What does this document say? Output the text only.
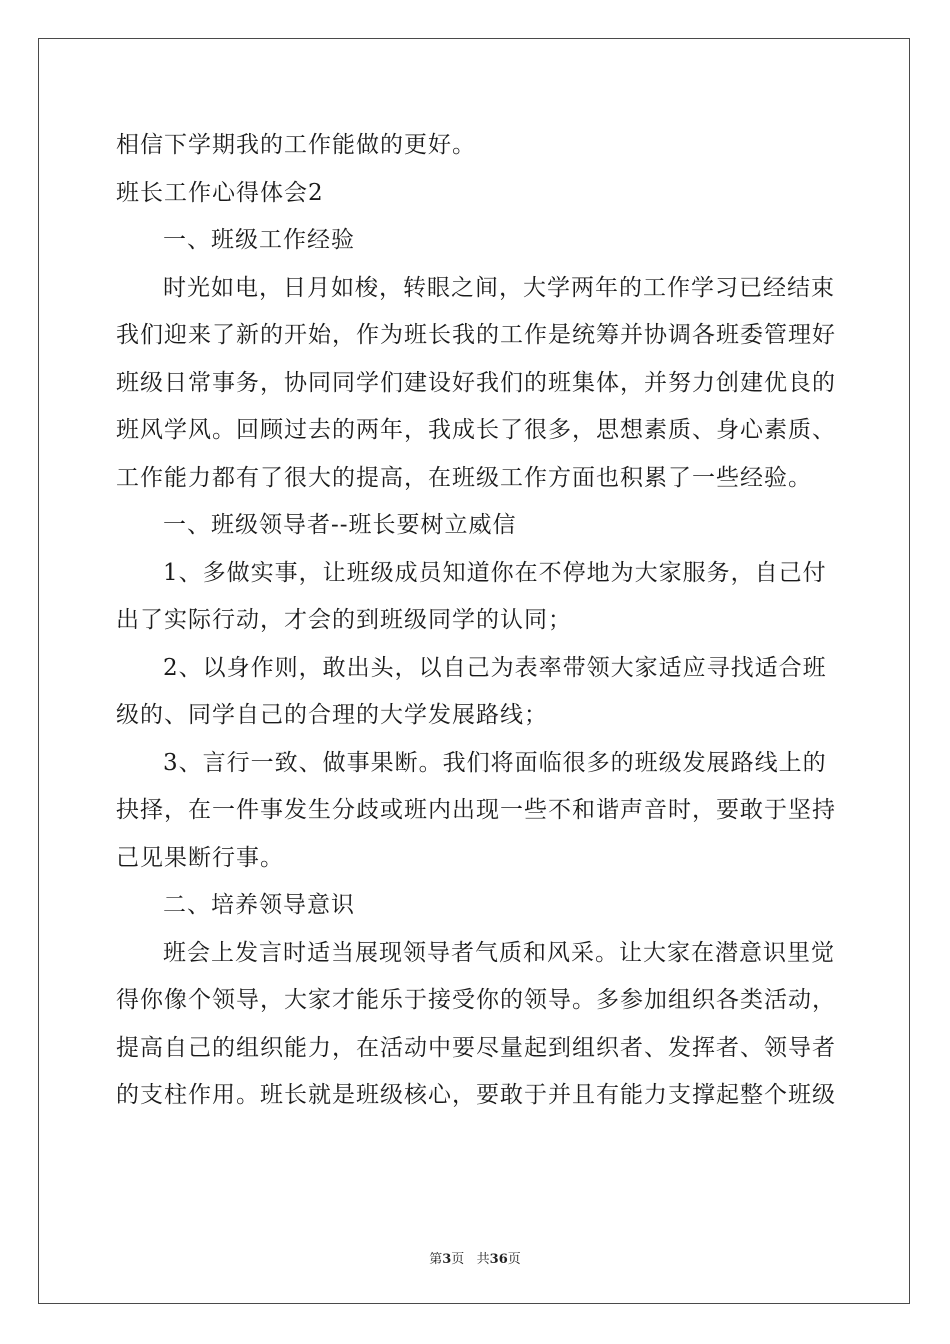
相信下学期我的工作能做的更好。
班长工作心得体会2
一、班级工作经验
时光如电，日月如梭，转眼之间，大学两年的工作学习已经结束
我们迎来了新的开始，作为班长我的工作是统筹并协调各班委管理好
班级日常事务，协同同学们建设好我们的班集体，并努力创建优良的
班风学风。回顾过去的两年，我成长了很多，思想素质、身心素质、
工作能力都有了很大的提高，在班级工作方面也积累了一些经验。
一、班级领导者--班长要树立威信
1、多做实事，让班级成员知道你在不停地为大家服务，自己付
出了实际行动，才会的到班级同学的认同；
2、以身作则，敢出头，以自己为表率带领大家适应寻找适合班
级的、同学自己的合理的大学发展路线；
3、言行一致、做事果断。我们将面临很多的班级发展路线上的
抉择，在一件事发生分歧或班内出现一些不和谐声音时，要敢于坚持
己见果断行事。
二、培养领导意识
班会上发言时适当展现领导者气质和风采。让大家在潜意识里觉
得你像个领导，大家才能乐于接受你的领导。多参加组织各类活动，
提高自己的组织能力，在活动中要尽量起到组织者、发挥者、领导者
的支柱作用。班长就是班级核心，要敢于并且有能力支撑起整个班级
第3页   共36页
